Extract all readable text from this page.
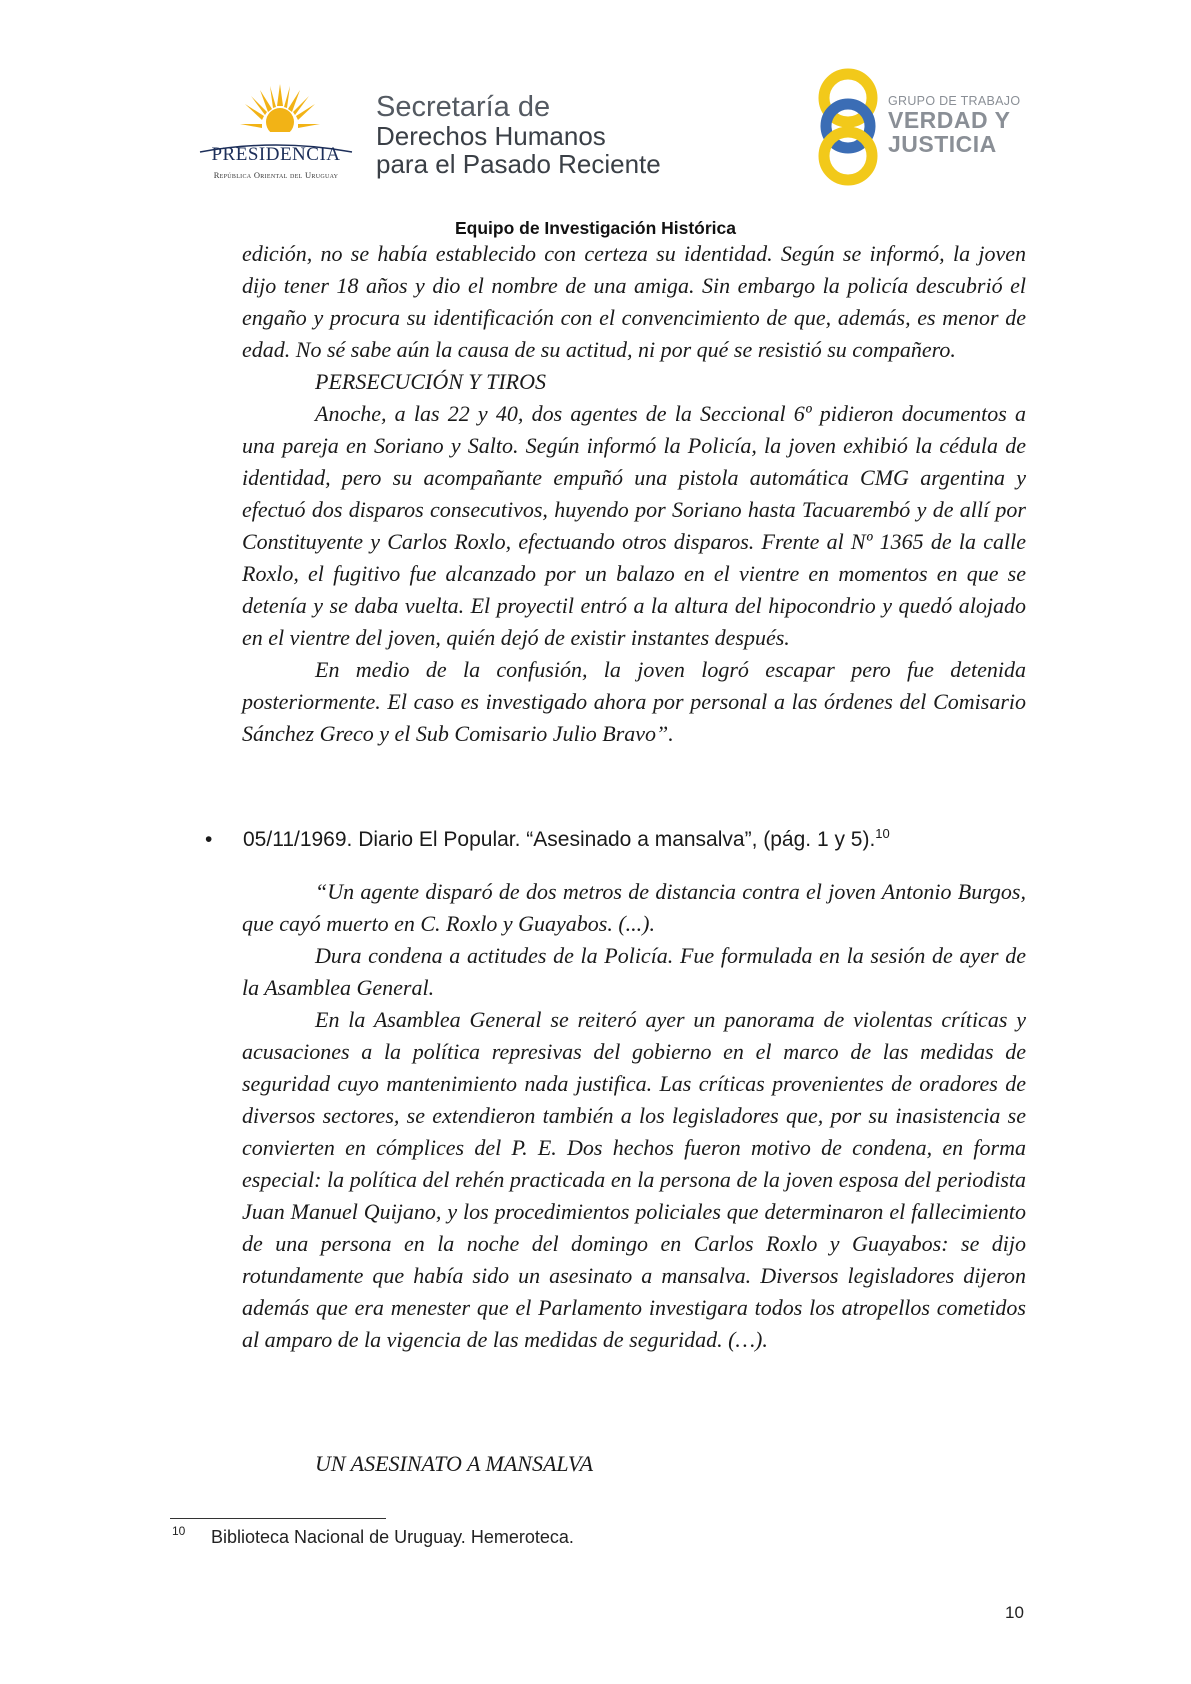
PRESIDENCIA
República Oriental del Uruguay
Secretaría de
Derechos Humanos
para el Pasado Reciente
GRUPO DE TRABAJO
VERDAD Y
JUSTICIA
Equipo de Investigación Histórica

edición, no se había establecido con certeza su identidad. Según se informó, la joven dijo tener 18 años y dio el nombre de una amiga. Sin embargo la policía descubrió el engaño y procura su identificación con el convencimiento de que, además, es menor de edad. No sé sabe aún la causa de su actitud, ni por qué se resistió su compañero.

PERSECUCIÓN Y TIROS

Anoche, a las 22 y 40, dos agentes de la Seccional 6º pidieron documentos a una pareja en Soriano y Salto. Según informó la Policía, la joven exhibió la cédula de identidad, pero su acompañante empuñó una pistola automática CMG argentina y efectuó dos disparos consecutivos, huyendo por Soriano hasta Tacuarembó y de allí por Constituyente y Carlos Roxlo, efectuando otros disparos. Frente al Nº 1365 de la calle Roxlo, el fugitivo fue alcanzado por un balazo en el vientre en momentos en que se detenía y se daba vuelta. El proyectil entró a la altura del hipocondrio y quedó alojado en el vientre del joven, quién dejó de existir instantes después.

En medio de la confusión, la joven logró escapar pero fue detenida posteriormente. El caso es investigado ahora por personal a las órdenes del Comisario Sánchez Greco y el Sub Comisario Julio Bravo”.

• 05/11/1969. Diario El Popular. “Asesinado a mansalva”, (pág. 1 y 5).$^{10}$

“Un agente disparó de dos metros de distancia contra el joven Antonio Burgos, que cayó muerto en C. Roxlo y Guayabos. (...).

Dura condena a actitudes de la Policía. Fue formulada en la sesión de ayer de la Asamblea General.

En la Asamblea General se reiteró ayer un panorama de violentas críticas y acusaciones a la política represivas del gobierno en el marco de las medidas de seguridad cuyo mantenimiento nada justifica. Las críticas provenientes de oradores de diversos sectores, se extendieron también a los legisladores que, por su inasistencia se convierten en cómplices del P. E. Dos hechos fueron motivo de condena, en forma especial: la política del rehén practicada en la persona de la joven esposa del periodista Juan Manuel Quijano, y los procedimientos policiales que determinaron el fallecimiento de una persona en la noche del domingo en Carlos Roxlo y Guayabos: se dijo rotundamente que había sido un asesinato a mansalva. Diversos legisladores dijeron además que era menester que el Parlamento investigara todos los atropellos cometidos al amparo de la vigencia de las medidas de seguridad. (…).

UN ASESINATO A MANSALVA
10 Biblioteca Nacional de Uruguay. Hemeroteca.
10
